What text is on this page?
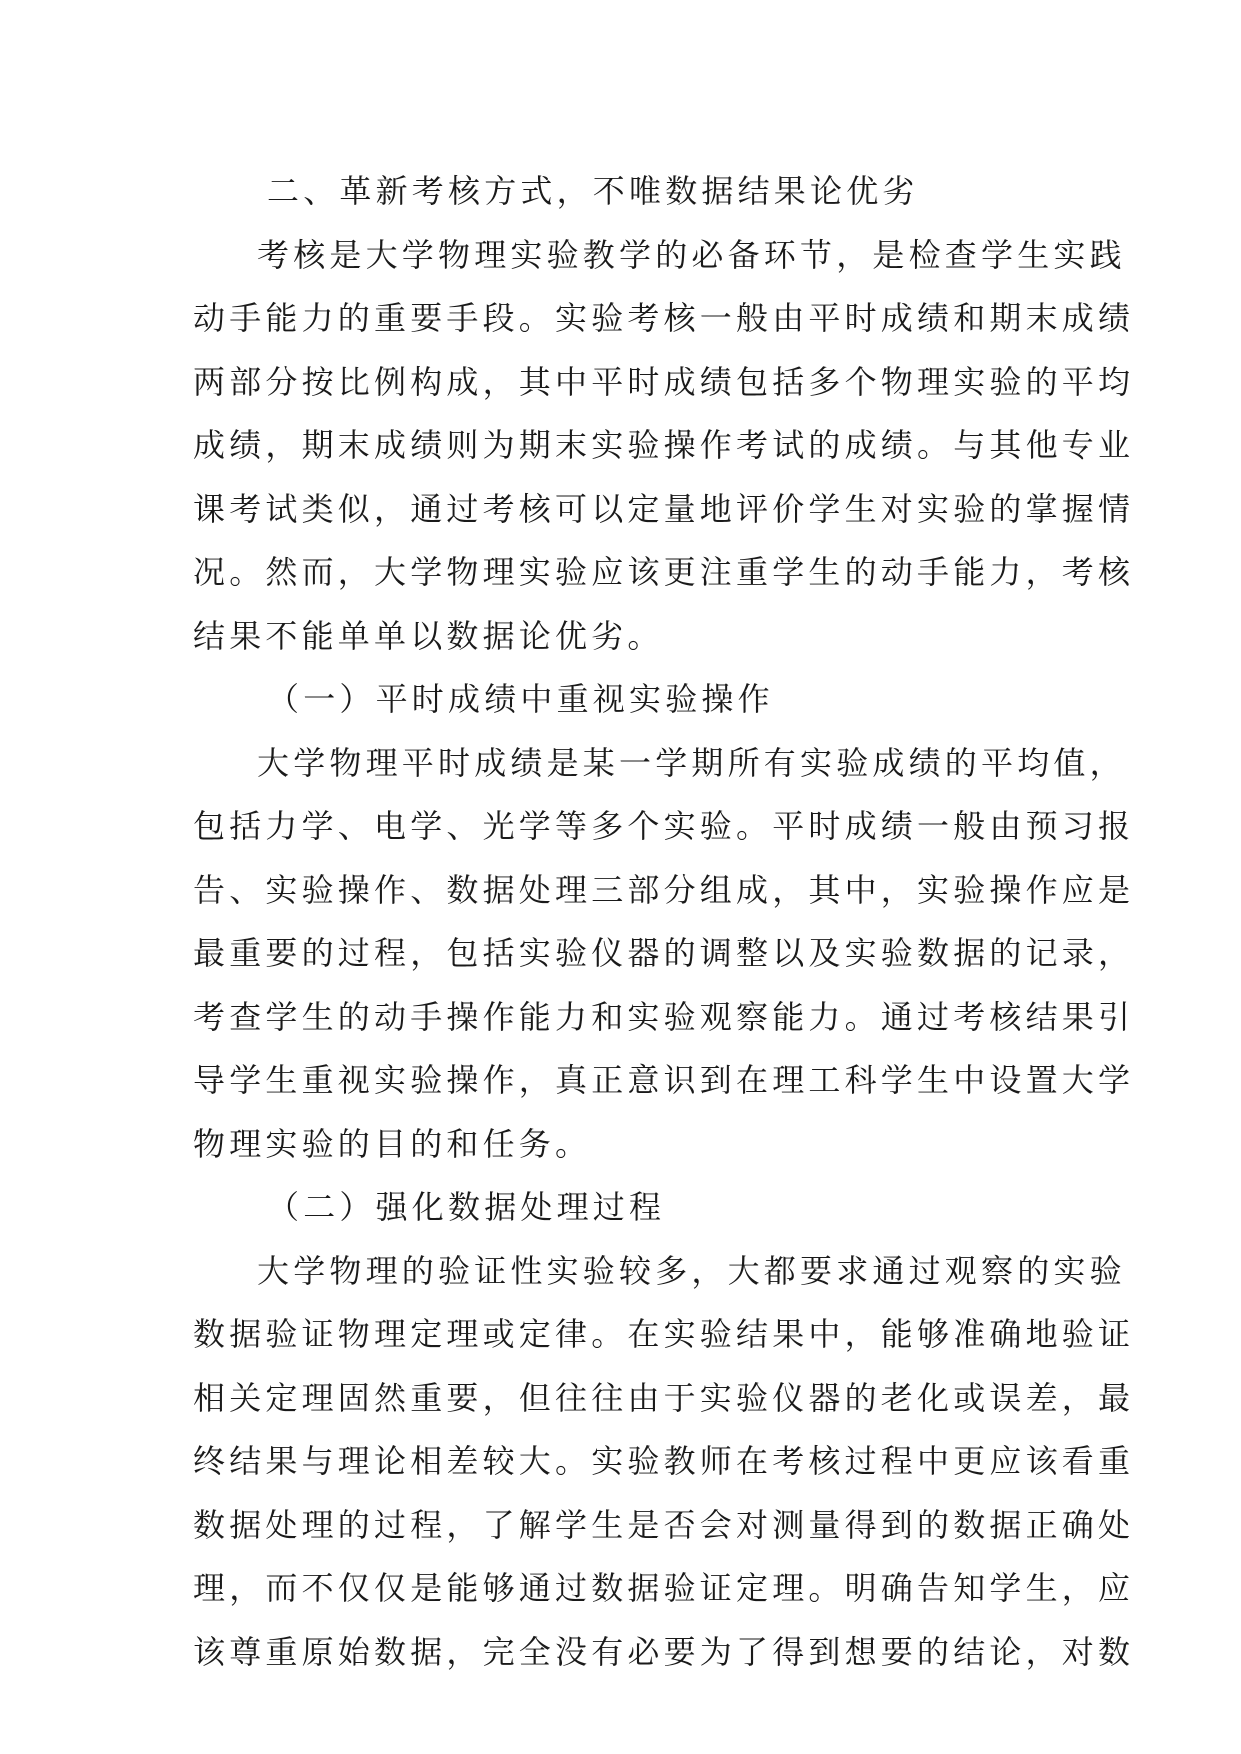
二、革新考核方式，不唯数据结果论优劣
考核是大学物理实验教学的必备环节，是检查学生实践
动手能力的重要手段。实验考核一般由平时成绩和期末成绩
两部分按比例构成，其中平时成绩包括多个物理实验的平均
成绩，期末成绩则为期末实验操作考试的成绩。与其他专业
课考试类似，通过考核可以定量地评价学生对实验的掌握情
况。然而，大学物理实验应该更注重学生的动手能力，考核
结果不能单单以数据论优劣。
（一）平时成绩中重视实验操作
大学物理平时成绩是某一学期所有实验成绩的平均值，
包括力学、电学、光学等多个实验。平时成绩一般由预习报
告、实验操作、数据处理三部分组成，其中，实验操作应是
最重要的过程，包括实验仪器的调整以及实验数据的记录，
考查学生的动手操作能力和实验观察能力。通过考核结果引
导学生重视实验操作，真正意识到在理工科学生中设置大学
物理实验的目的和任务。
（二）强化数据处理过程
大学物理的验证性实验较多，大都要求通过观察的实验
数据验证物理定理或定律。在实验结果中，能够准确地验证
相关定理固然重要，但往往由于实验仪器的老化或误差，最
终结果与理论相差较大。实验教师在考核过程中更应该看重
数据处理的过程，了解学生是否会对测量得到的数据正确处
理，而不仅仅是能够通过数据验证定理。明确告知学生，应
该尊重原始数据，完全没有必要为了得到想要的结论，对数
